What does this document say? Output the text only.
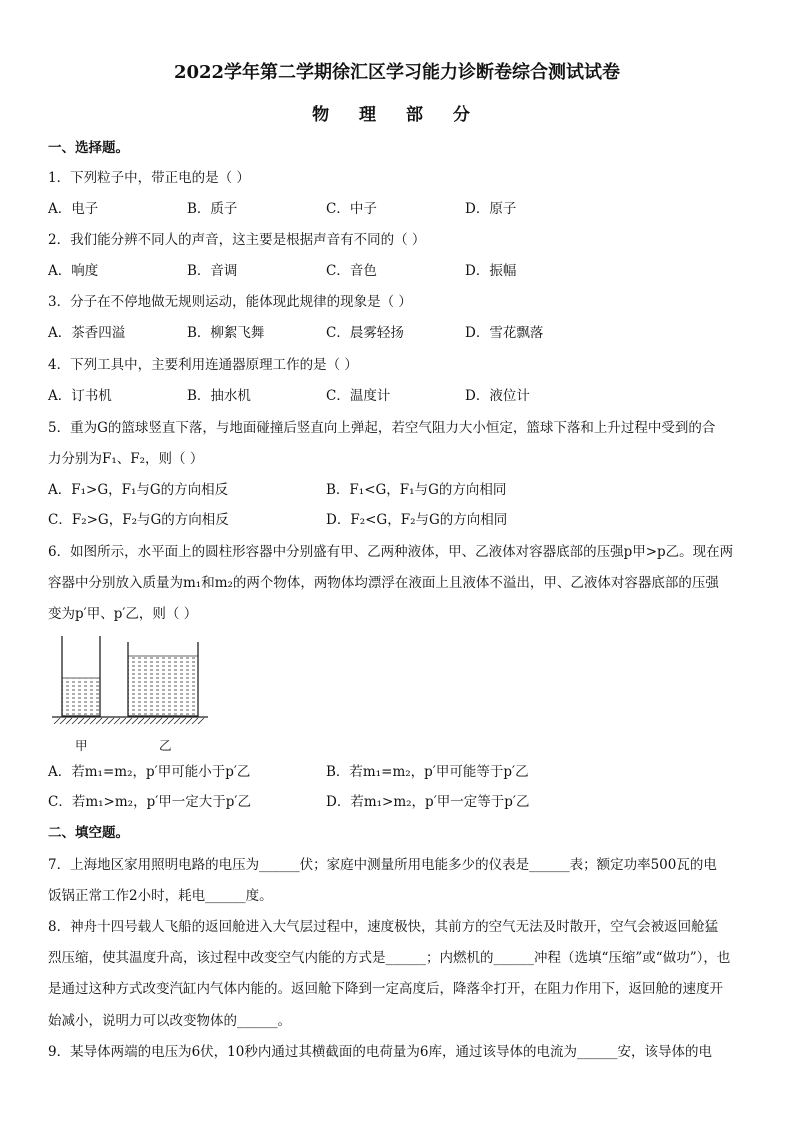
2022学年第二学期徐汇区学习能力诊断卷综合测试试卷
物 理 部 分
一、选择题。
1．下列粒子中，带正电的是（ ）
A．电子	B．质子	C．中子	D．原子
2．我们能分辨不同人的声音，这主要是根据声音有不同的（ ）
A．响度	B．音调	C．音色	D．振幅
3．分子在不停地做无规则运动，能体现此规律的现象是（ ）
A．茶香四溢	B．柳絮飞舞	C．晨雾轻扬	D．雪花飘落
4．下列工具中，主要利用连通器原理工作的是（ ）
A．订书机	B．抽水机	C．温度计	D．液位计
5．重为G的篮球竖直下落，与地面碰撞后竖直向上弹起，若空气阻力大小恒定，篮球下落和上升过程中受到的合
力分别为F₁、F₂，则（ ）
A．F₁>G，F₁与G的方向相反	B．F₁<G，F₁与G的方向相同
C．F₂>G，F₂与G的方向相反	D．F₂<G，F₂与G的方向相同
6．如图所示，水平面上的圆柱形容器中分别盛有甲、乙两种液体，甲、乙液体对容器底部的压强p甲>p乙。现在两
容器中分别放入质量为m₁和m₂的两个物体，两物体均漂浮在液面上且液体不溢出，甲、乙液体对容器底部的压强
变为p′甲、p′乙，则（ ）
甲	乙
A．若m₁=m₂，p′甲可能小于p′乙	B．若m₁=m₂，p′甲可能等于p′乙
C．若m₁>m₂，p′甲一定大于p′乙	D．若m₁>m₂，p′甲一定等于p′乙
二、填空题。
7．上海地区家用照明电路的电压为______伏；家庭中测量所用电能多少的仪表是______表；额定功率500瓦的电
饭锅正常工作2小时，耗电______度。
8．神舟十四号载人飞船的返回舱进入大气层过程中，速度极快，其前方的空气无法及时散开，空气会被返回舱猛
烈压缩，使其温度升高，该过程中改变空气内能的方式是______；内燃机的______冲程（选填“压缩”或“做功”），也
是通过这种方式改变汽缸内气体内能的。返回舱下降到一定高度后，降落伞打开，在阻力作用下，返回舱的速度开
始减小，说明力可以改变物体的______。
9．某导体两端的电压为6伏，10秒内通过其横截面的电荷量为6库，通过该导体的电流为______安，该导体的电
